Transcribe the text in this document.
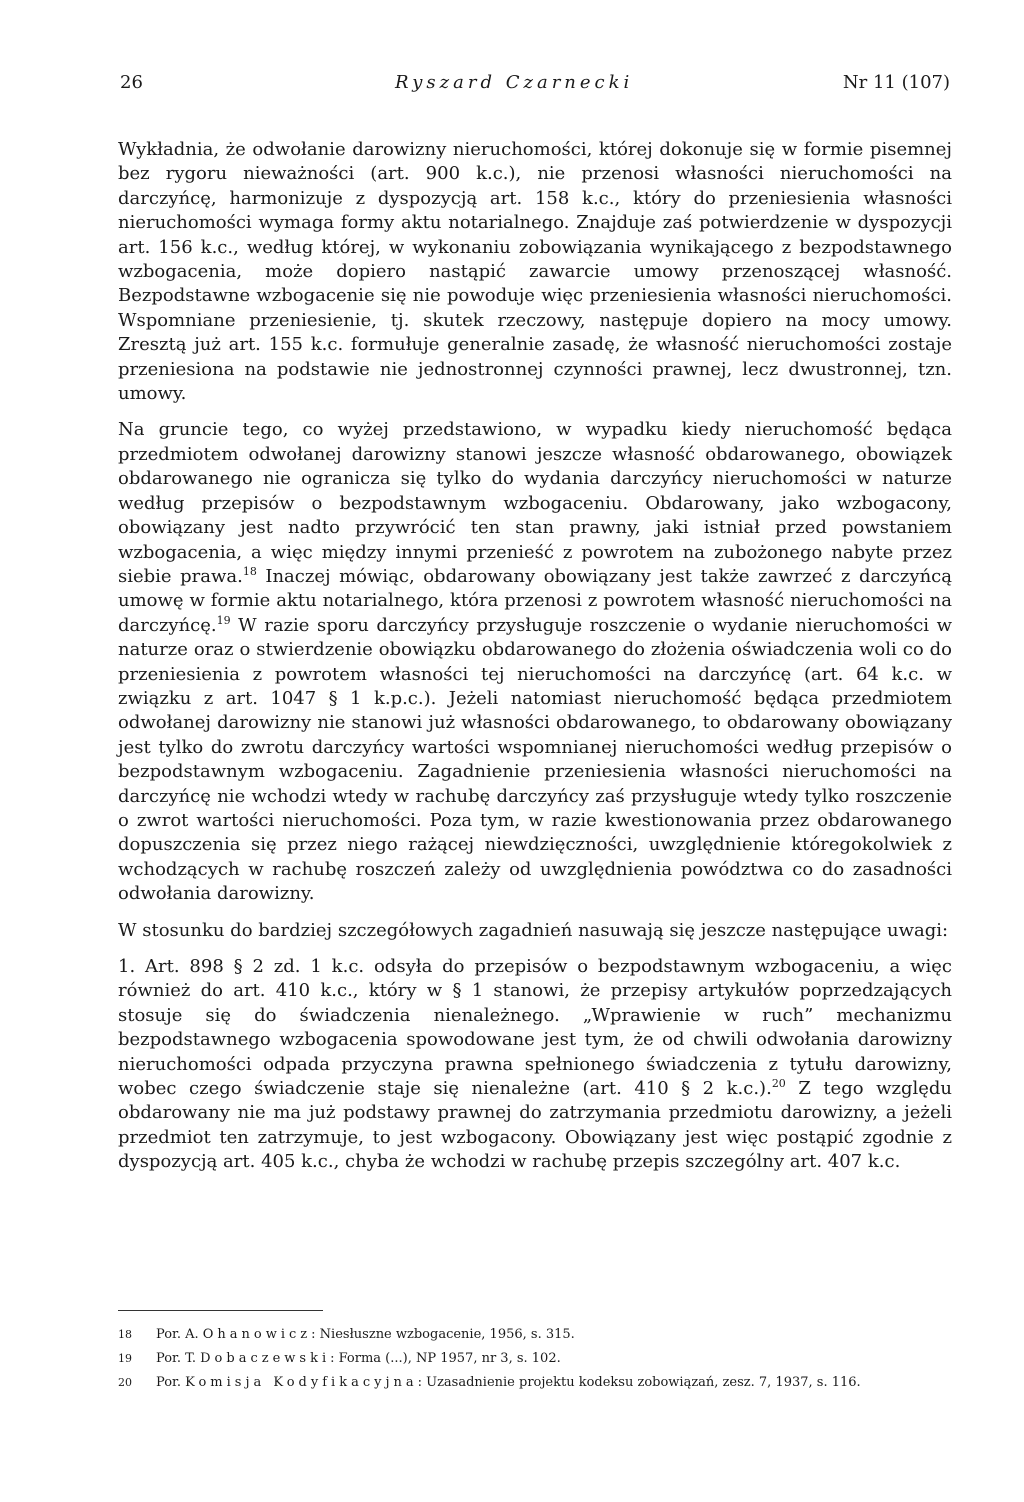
26	Ryszard Czarnecki	Nr 11 (107)

Wykładnia, że odwołanie darowizny nieruchomości, której dokonuje się w formie pisemnej bez rygoru nieważności (art. 900 k.c.), nie przenosi własności nieruchomości na darczyńcę, harmonizuje z dyspozycją art. 158 k.c., który do przeniesienia własności nieruchomości wymaga formy aktu notarialnego. Znajduje zaś potwierdzenie w dyspozycji art. 156 k.c., według której, w wykonaniu zobowiązania wynikającego z bezpodstawnego wzbogacenia, może dopiero nastąpić zawarcie umowy przenoszącej własność. Bezpodstawne wzbogacenie się nie powoduje więc przeniesienia własności nieruchomości. Wspomniane przeniesienie, tj. skutek rzeczowy, następuje dopiero na mocy umowy. Zresztą już art. 155 k.c. formułuje generalnie zasadę, że własność nieruchomości zostaje przeniesiona na podstawie nie jednostronnej czynności prawnej, lecz dwustronnej, tzn. umowy.

Na gruncie tego, co wyżej przedstawiono, w wypadku kiedy nieruchomość będąca przedmiotem odwołanej darowizny stanowi jeszcze własność obdarowanego, obowiązek obdarowanego nie ogranicza się tylko do wydania darczyńcy nieruchomości w naturze według przepisów o bezpodstawnym wzbogaceniu. Obdarowany, jako wzbogacony, obowiązany jest nadto przywrócić ten stan prawny, jaki istniał przed powstaniem wzbogacenia, a więc między innymi przenieść z powrotem na zubożonego nabyte przez siebie prawa.$^{18}$ Inaczej mówiąc, obdarowany obowiązany jest także zawrzeć z darczyńcą umowę w formie aktu notarialnego, która przenosi z powrotem własność nieruchomości na darczyńcę.$^{19}$ W razie sporu darczyńcy przysługuje roszczenie o wydanie nieruchomości w naturze oraz o stwierdzenie obowiązku obdarowanego do złożenia oświadczenia woli co do przeniesienia z powrotem własności tej nieruchomości na darczyńcę (art. 64 k.c. w związku z art. 1047 § 1 k.p.c.). Jeżeli natomiast nieruchomość będąca przedmiotem odwołanej darowizny nie stanowi już własności obdarowanego, to obdarowany obowiązany jest tylko do zwrotu darczyńcy wartości wspomnianej nieruchomości według przepisów o bezpodstawnym wzbogaceniu. Zagadnienie przeniesienia własności nieruchomości na darczyńcę nie wchodzi wtedy w rachubę darczyńcy zaś przysługuje wtedy tylko roszczenie o zwrot wartości nieruchomości. Poza tym, w razie kwestionowania przez obdarowanego dopuszczenia się przez niego rażącej niewdzięczności, uwzględnienie któregokolwiek z wchodzących w rachubę roszczeń zależy od uwzględnienia powództwa co do zasadności odwołania darowizny.

W stosunku do bardziej szczegółowych zagadnień nasuwają się jeszcze następujące uwagi:

1. Art. 898 § 2 zd. 1 k.c. odsyła do przepisów o bezpodstawnym wzbogaceniu, a więc również do art. 410 k.c., który w § 1 stanowi, że przepisy artykułów poprzedzających stosuje się do świadczenia nienależnego. „Wprawienie w ruch” mechanizmu bezpodstawnego wzbogacenia spowodowane jest tym, że od chwili odwołania darowizny nieruchomości odpada przyczyna prawna spełnionego świadczenia z tytułu darowizny, wobec czego świadczenie staje się nienależne (art. 410 § 2 k.c.).$^{20}$ Z tego względu obdarowany nie ma już podstawy prawnej do zatrzymania przedmiotu darowizny, a jeżeli przedmiot ten zatrzymuje, to jest wzbogacony. Obowiązany jest więc postąpić zgodnie z dyspozycją art. 405 k.c., chyba że wchodzi w rachubę przepis szczególny art. 407 k.c.

18 Por. A. Ohanowicz: Niesłuszne wzbogacenie, 1956, s. 315.

19 Por. T. Dobaczewski: Forma (...), NP 1957, nr 3, s. 102.

20 Por. Komisja Kodyfikacyjna: Uzasadnienie projektu kodeksu zobowiązań, zesz. 7, 1937, s. 116.
